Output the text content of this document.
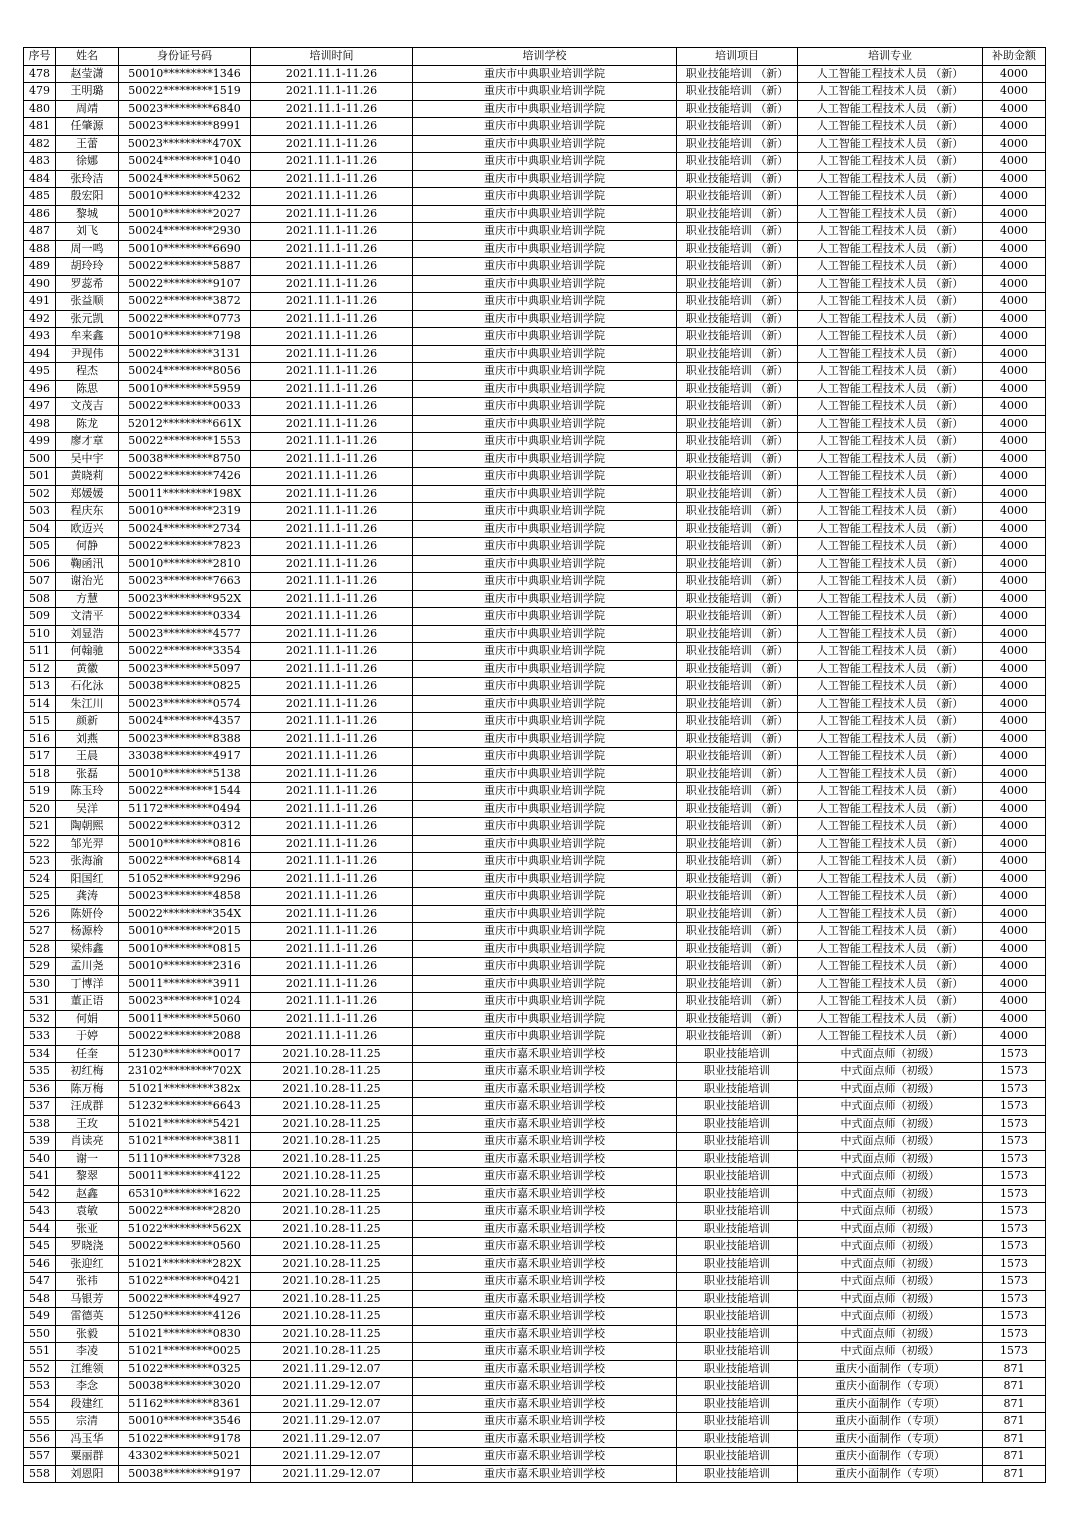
序号	姓名	身份证号码	培训时间	培训学校	培训项目	培训专业	补助金额
478	赵莹潇	50010*********1346	2021.11.1-11.26	重庆市中典职业培训学院	职业技能培训 （新）	人工智能工程技术人员 （新）	4000
479	王明璐	50022*********1519	2021.11.1-11.26	重庆市中典职业培训学院	职业技能培训 （新）	人工智能工程技术人员 （新）	4000
480	周靖	50023*********6840	2021.11.1-11.26	重庆市中典职业培训学院	职业技能培训 （新）	人工智能工程技术人员 （新）	4000
481	任肇源	50023*********8991	2021.11.1-11.26	重庆市中典职业培训学院	职业技能培训 （新）	人工智能工程技术人员 （新）	4000
482	王蕾	50023*********470X	2021.11.1-11.26	重庆市中典职业培训学院	职业技能培训 （新）	人工智能工程技术人员 （新）	4000
483	徐娜	50024*********1040	2021.11.1-11.26	重庆市中典职业培训学院	职业技能培训 （新）	人工智能工程技术人员 （新）	4000
484	张玲洁	50024*********5062	2021.11.1-11.26	重庆市中典职业培训学院	职业技能培训 （新）	人工智能工程技术人员 （新）	4000
485	殷宏阳	50010*********4232	2021.11.1-11.26	重庆市中典职业培训学院	职业技能培训 （新）	人工智能工程技术人员 （新）	4000
486	黎城	50010*********2027	2021.11.1-11.26	重庆市中典职业培训学院	职业技能培训 （新）	人工智能工程技术人员 （新）	4000
487	刘飞	50024*********2930	2021.11.1-11.26	重庆市中典职业培训学院	职业技能培训 （新）	人工智能工程技术人员 （新）	4000
488	周一鸣	50010*********6690	2021.11.1-11.26	重庆市中典职业培训学院	职业技能培训 （新）	人工智能工程技术人员 （新）	4000
489	胡玲玲	50022*********5887	2021.11.1-11.26	重庆市中典职业培训学院	职业技能培训 （新）	人工智能工程技术人员 （新）	4000
490	罗蕊希	50022*********9107	2021.11.1-11.26	重庆市中典职业培训学院	职业技能培训 （新）	人工智能工程技术人员 （新）	4000
491	张益顺	50022*********3872	2021.11.1-11.26	重庆市中典职业培训学院	职业技能培训 （新）	人工智能工程技术人员 （新）	4000
492	张元凯	50022*********0773	2021.11.1-11.26	重庆市中典职业培训学院	职业技能培训 （新）	人工智能工程技术人员 （新）	4000
493	牟来鑫	50010*********7198	2021.11.1-11.26	重庆市中典职业培训学院	职业技能培训 （新）	人工智能工程技术人员 （新）	4000
494	尹现伟	50022*********3131	2021.11.1-11.26	重庆市中典职业培训学院	职业技能培训 （新）	人工智能工程技术人员 （新）	4000
495	程杰	50024*********8056	2021.11.1-11.26	重庆市中典职业培训学院	职业技能培训 （新）	人工智能工程技术人员 （新）	4000
496	陈思	50010*********5959	2021.11.1-11.26	重庆市中典职业培训学院	职业技能培训 （新）	人工智能工程技术人员 （新）	4000
497	文茂吉	50022*********0033	2021.11.1-11.26	重庆市中典职业培训学院	职业技能培训 （新）	人工智能工程技术人员 （新）	4000
498	陈龙	52012*********661X	2021.11.1-11.26	重庆市中典职业培训学院	职业技能培训 （新）	人工智能工程技术人员 （新）	4000
499	廖才章	50022*********1553	2021.11.1-11.26	重庆市中典职业培训学院	职业技能培训 （新）	人工智能工程技术人员 （新）	4000
500	吴中宇	50038*********8750	2021.11.1-11.26	重庆市中典职业培训学院	职业技能培训 （新）	人工智能工程技术人员 （新）	4000
501	黄晓莉	50022*********7426	2021.11.1-11.26	重庆市中典职业培训学院	职业技能培训 （新）	人工智能工程技术人员 （新）	4000
502	郑媛媛	50011*********198X	2021.11.1-11.26	重庆市中典职业培训学院	职业技能培训 （新）	人工智能工程技术人员 （新）	4000
503	程庆东	50010*********2319	2021.11.1-11.26	重庆市中典职业培训学院	职业技能培训 （新）	人工智能工程技术人员 （新）	4000
504	欧迈兴	50024*********2734	2021.11.1-11.26	重庆市中典职业培训学院	职业技能培训 （新）	人工智能工程技术人员 （新）	4000
505	何静	50022*********7823	2021.11.1-11.26	重庆市中典职业培训学院	职业技能培训 （新）	人工智能工程技术人员 （新）	4000
506	鞠函汛	50010*********2810	2021.11.1-11.26	重庆市中典职业培训学院	职业技能培训 （新）	人工智能工程技术人员 （新）	4000
507	谢治光	50023*********7663	2021.11.1-11.26	重庆市中典职业培训学院	职业技能培训 （新）	人工智能工程技术人员 （新）	4000
508	方慧	50023*********952X	2021.11.1-11.26	重庆市中典职业培训学院	职业技能培训 （新）	人工智能工程技术人员 （新）	4000
509	文清平	50022*********0334	2021.11.1-11.26	重庆市中典职业培训学院	职业技能培训 （新）	人工智能工程技术人员 （新）	4000
510	刘显浩	50023*********4577	2021.11.1-11.26	重庆市中典职业培训学院	职业技能培训 （新）	人工智能工程技术人员 （新）	4000
511	何翰驰	50022*********3354	2021.11.1-11.26	重庆市中典职业培训学院	职业技能培训 （新）	人工智能工程技术人员 （新）	4000
512	黄徽	50023*********5097	2021.11.1-11.26	重庆市中典职业培训学院	职业技能培训 （新）	人工智能工程技术人员 （新）	4000
513	石化泳	50038*********0825	2021.11.1-11.26	重庆市中典职业培训学院	职业技能培训 （新）	人工智能工程技术人员 （新）	4000
514	朱江川	50023*********0574	2021.11.1-11.26	重庆市中典职业培训学院	职业技能培训 （新）	人工智能工程技术人员 （新）	4000
515	颜新	50024*********4357	2021.11.1-11.26	重庆市中典职业培训学院	职业技能培训 （新）	人工智能工程技术人员 （新）	4000
516	刘燕	50023*********8388	2021.11.1-11.26	重庆市中典职业培训学院	职业技能培训 （新）	人工智能工程技术人员 （新）	4000
517	王晨	33038*********4917	2021.11.1-11.26	重庆市中典职业培训学院	职业技能培训 （新）	人工智能工程技术人员 （新）	4000
518	张磊	50010*********5138	2021.11.1-11.26	重庆市中典职业培训学院	职业技能培训 （新）	人工智能工程技术人员 （新）	4000
519	陈玉玲	50022*********1544	2021.11.1-11.26	重庆市中典职业培训学院	职业技能培训 （新）	人工智能工程技术人员 （新）	4000
520	吴洋	51172*********0494	2021.11.1-11.26	重庆市中典职业培训学院	职业技能培训 （新）	人工智能工程技术人员 （新）	4000
521	陶朝熙	50022*********0312	2021.11.1-11.26	重庆市中典职业培训学院	职业技能培训 （新）	人工智能工程技术人员 （新）	4000
522	邹光羿	50010*********0816	2021.11.1-11.26	重庆市中典职业培训学院	职业技能培训 （新）	人工智能工程技术人员 （新）	4000
523	张海渝	50022*********6814	2021.11.1-11.26	重庆市中典职业培训学院	职业技能培训 （新）	人工智能工程技术人员 （新）	4000
524	阳国红	51052*********9296	2021.11.1-11.26	重庆市中典职业培训学院	职业技能培训 （新）	人工智能工程技术人员 （新）	4000
525	龚涛	50023*********4858	2021.11.1-11.26	重庆市中典职业培训学院	职业技能培训 （新）	人工智能工程技术人员 （新）	4000
526	陈妍伶	50022*********354X	2021.11.1-11.26	重庆市中典职业培训学院	职业技能培训 （新）	人工智能工程技术人员 （新）	4000
527	杨源柃	50010*********2015	2021.11.1-11.26	重庆市中典职业培训学院	职业技能培训 （新）	人工智能工程技术人员 （新）	4000
528	梁炜鑫	50010*********0815	2021.11.1-11.26	重庆市中典职业培训学院	职业技能培训 （新）	人工智能工程技术人员 （新）	4000
529	孟川尧	50010*********2316	2021.11.1-11.26	重庆市中典职业培训学院	职业技能培训 （新）	人工智能工程技术人员 （新）	4000
530	丁博洋	50011*********3911	2021.11.1-11.26	重庆市中典职业培训学院	职业技能培训 （新）	人工智能工程技术人员 （新）	4000
531	董正语	50023*********1024	2021.11.1-11.26	重庆市中典职业培训学院	职业技能培训 （新）	人工智能工程技术人员 （新）	4000
532	何娟	50011*********5060	2021.11.1-11.26	重庆市中典职业培训学院	职业技能培训 （新）	人工智能工程技术人员 （新）	4000
533	于婷	50022*********2088	2021.11.1-11.26	重庆市中典职业培训学院	职业技能培训 （新）	人工智能工程技术人员 （新）	4000
534	任奎	51230*********0017	2021.10.28-11.25	重庆市嘉禾职业培训学校	职业技能培训	中式面点师（初级）	1573
535	初红梅	23102*********702X	2021.10.28-11.25	重庆市嘉禾职业培训学校	职业技能培训	中式面点师（初级）	1573
536	陈万梅	51021*********382x	2021.10.28-11.25	重庆市嘉禾职业培训学校	职业技能培训	中式面点师（初级）	1573
537	汪成群	51232*********6643	2021.10.28-11.25	重庆市嘉禾职业培训学校	职业技能培训	中式面点师（初级）	1573
538	王玫	51021*********5421	2021.10.28-11.25	重庆市嘉禾职业培训学校	职业技能培训	中式面点师（初级）	1573
539	肖读亮	51021*********3811	2021.10.28-11.25	重庆市嘉禾职业培训学校	职业技能培训	中式面点师（初级）	1573
540	谢一	51110*********7328	2021.10.28-11.25	重庆市嘉禾职业培训学校	职业技能培训	中式面点师（初级）	1573
541	黎翠	50011*********4122	2021.10.28-11.25	重庆市嘉禾职业培训学校	职业技能培训	中式面点师（初级）	1573
542	赵鑫	65310*********1622	2021.10.28-11.25	重庆市嘉禾职业培训学校	职业技能培训	中式面点师（初级）	1573
543	袁敏	50022*********2820	2021.10.28-11.25	重庆市嘉禾职业培训学校	职业技能培训	中式面点师（初级）	1573
544	张亚	51022*********562X	2021.10.28-11.25	重庆市嘉禾职业培训学校	职业技能培训	中式面点师（初级）	1573
545	罗晓浇	50022*********0560	2021.10.28-11.25	重庆市嘉禾职业培训学校	职业技能培训	中式面点师（初级）	1573
546	张迎红	51021*********282X	2021.10.28-11.25	重庆市嘉禾职业培训学校	职业技能培训	中式面点师（初级）	1573
547	张祎	51022*********0421	2021.10.28-11.25	重庆市嘉禾职业培训学校	职业技能培训	中式面点师（初级）	1573
548	马银芳	50022*********4927	2021.10.28-11.25	重庆市嘉禾职业培训学校	职业技能培训	中式面点师（初级）	1573
549	雷德英	51250*********4126	2021.10.28-11.25	重庆市嘉禾职业培训学校	职业技能培训	中式面点师（初级）	1573
550	张毅	51021*********0830	2021.10.28-11.25	重庆市嘉禾职业培训学校	职业技能培训	中式面点师（初级）	1573
551	李凌	51021*********0025	2021.10.28-11.25	重庆市嘉禾职业培训学校	职业技能培训	中式面点师（初级）	1573
552	江维领	51022*********0325	2021.11.29-12.07	重庆市嘉禾职业培训学校	职业技能培训	重庆小面制作（专项）	871
553	李念	50038*********3020	2021.11.29-12.07	重庆市嘉禾职业培训学校	职业技能培训	重庆小面制作（专项）	871
554	段建红	51162*********8361	2021.11.29-12.07	重庆市嘉禾职业培训学校	职业技能培训	重庆小面制作（专项）	871
555	宗清	50010*********3546	2021.11.29-12.07	重庆市嘉禾职业培训学校	职业技能培训	重庆小面制作（专项）	871
556	冯玉华	51022*********9178	2021.11.29-12.07	重庆市嘉禾职业培训学校	职业技能培训	重庆小面制作（专项）	871
557	粟丽群	43302*********5021	2021.11.29-12.07	重庆市嘉禾职业培训学校	职业技能培训	重庆小面制作（专项）	871
558	刘恩阳	50038*********9197	2021.11.29-12.07	重庆市嘉禾职业培训学校	职业技能培训	重庆小面制作（专项）	871
